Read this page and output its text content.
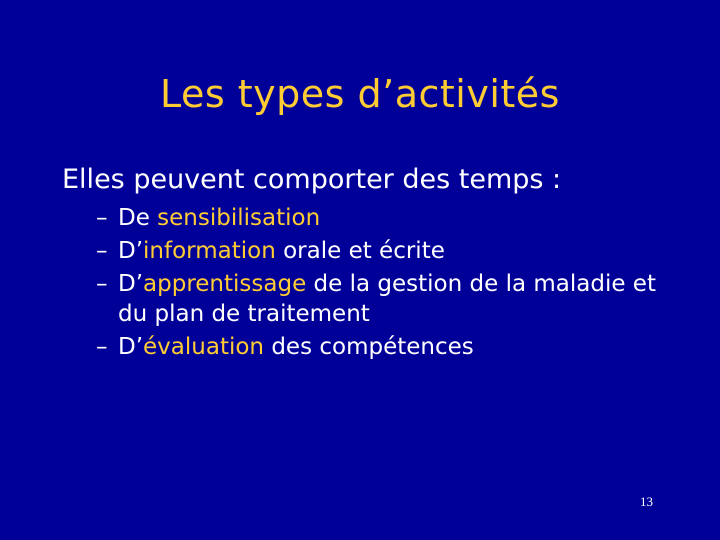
Les types d’activités
Elles peuvent comporter des temps :
– De sensibilisation
– D’information orale et écrite
– D’apprentissage de la gestion de la maladie et du plan de traitement
– D’évaluation des compétences
13
